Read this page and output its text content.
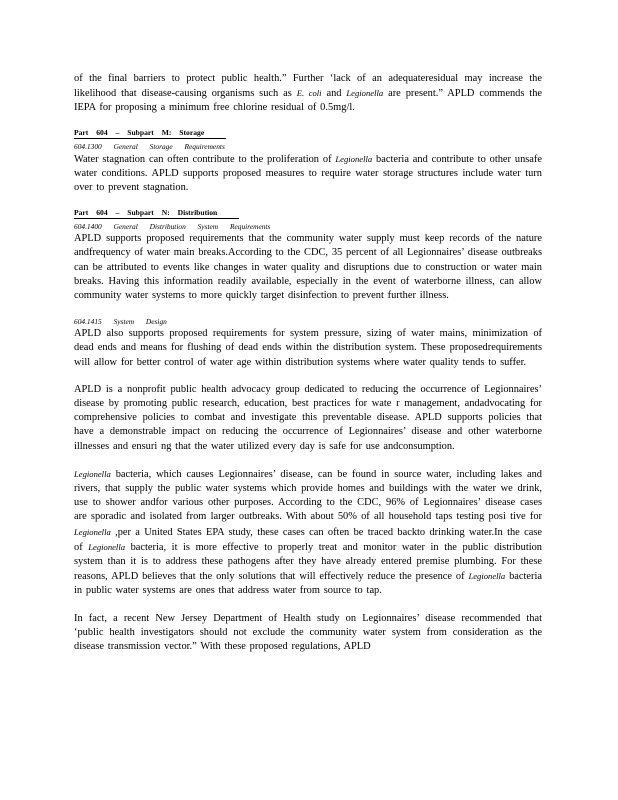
of the final barriers to protect public health.” Further ‘lack of an adequateresidual may increase the likelihood that disease-causing organisms such as E. coli and Legionella are present.” APLD commends the IEPA for proposing a minimum free chlorine residual of 0.5mg/l.

Part 604 – Subpart M: Storage
604.1300 General Storage Requirements

Water stagnation can often contribute to the proliferation of Legionella bacteria and contribute to other unsafe water conditions. APLD supports proposed measures to require water storage structures include water turn over to prevent stagnation.

Part 604 – Subpart N: Distribution
604.1400 General Distribution System Requirements

APLD supports proposed requirements that the community water supply must keep records of the nature andfrequency of water main breaks.According to the CDC, 35 percent of all Legionnaires’ disease outbreaks can be attributed to events like changes in water quality and disruptions due to construction or water main breaks. Having this information readily available, especially in the event of waterborne illness, can allow community water systems to more quickly target disinfection to prevent further illness.

604.1415 System Design

APLD also supports proposed requirements for system pressure, sizing of water mains, minimization of dead ends and means for flushing of dead ends within the distribution system. These proposedrequirements will allow for better control of water age within distribution systems where water quality tends to suffer.

APLD is a nonprofit public health advocacy group dedicated to reducing the occurrence of Legionnaires’ disease by promoting public research, education, best practices for wate r management, andadvocating for comprehensive policies to combat and investigate this preventable disease. APLD supports policies that have a demonstrable impact on reducing the occurrence of Legionnaires’ disease and other waterborne illnesses and ensuri ng that the water utilized every day is safe for use andconsumption.

Legionella bacteria, which causes Legionnaires’ disease, can be found in source water, including lakes and rivers, that supply the public water systems which provide homes and buildings with the water we drink, use to shower andfor various other purposes. According to the CDC, 96% of Legionnaires’ disease cases are sporadic and isolated from larger outbreaks. With about 50% of all household taps testing posi tive for Legionella ,per a United States EPA study, these cases can often be traced backto drinking water.In the case of Legionella bacteria, it is more effective to properly treat and monitor water in the public distribution system than it is to address these pathogens after they have already entered premise plumbing. For these reasons, APLD believes that the only solutions that will effectively reduce the presence of Legionella bacteria in public water systems are ones that address water from source to tap.

In fact, a recent New Jersey Department of Health study on Legionnaires’ disease recommended that ‘public health investigators should not exclude the community water system from consideration as the disease transmission vector.” With these proposed regulations, APLD
